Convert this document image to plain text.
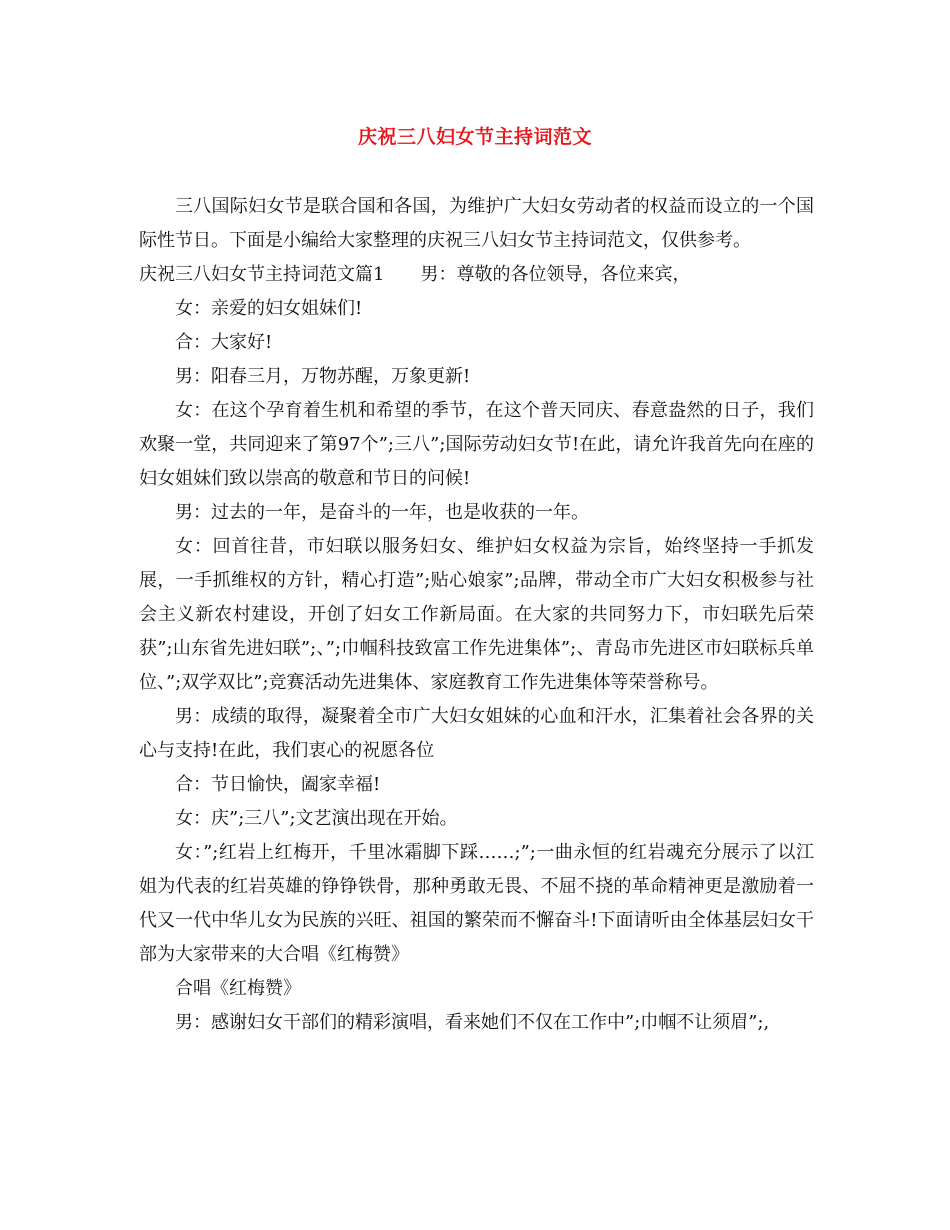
庆祝三八妇女节主持词范文

三八国际妇女节是联合国和各国，为维护广大妇女劳动者的权益而设立的一个国际性节日。下面是小编给大家整理的庆祝三八妇女节主持词范文，仅供参考。

庆祝三八妇女节主持词范文篇1 男：尊敬的各位领导，各位来宾，

女：亲爱的妇女姐妹们!

合：大家好!

男：阳春三月，万物苏醒，万象更新!

女：在这个孕育着生机和希望的季节，在这个普天同庆、春意盎然的日子，我们欢聚一堂，共同迎来了第97个”;三八”;国际劳动妇女节!在此，请允许我首先向在座的妇女姐妹们致以崇高的敬意和节日的问候!

男：过去的一年，是奋斗的一年，也是收获的一年。

女：回首往昔，市妇联以服务妇女、维护妇女权益为宗旨，始终坚持一手抓发展，一手抓维权的方针，精心打造”;贴心娘家”;品牌，带动全市广大妇女积极参与社会主义新农村建设，开创了妇女工作新局面。在大家的共同努力下，市妇联先后荣获”;山东省先进妇联”;、”;巾帼科技致富工作先进集体”;、青岛市先进区市妇联标兵单位、”;双学双比”;竞赛活动先进集体、家庭教育工作先进集体等荣誉称号。

男：成绩的取得，凝聚着全市广大妇女姐妹的心血和汗水，汇集着社会各界的关心与支持!在此，我们衷心的祝愿各位

合：节日愉快，阖家幸福!

女：庆”;三八”;文艺演出现在开始。

女：”;红岩上红梅开，千里冰霜脚下踩……;”;一曲永恒的红岩魂充分展示了以江姐为代表的红岩英雄的铮铮铁骨，那种勇敢无畏、不屈不挠的革命精神更是激励着一代又一代中华儿女为民族的兴旺、祖国的繁荣而不懈奋斗!下面请听由全体基层妇女干部为大家带来的大合唱《红梅赞》

合唱《红梅赞》

男：感谢妇女干部们的精彩演唱，看来她们不仅在工作中”;巾帼不让须眉”;,
